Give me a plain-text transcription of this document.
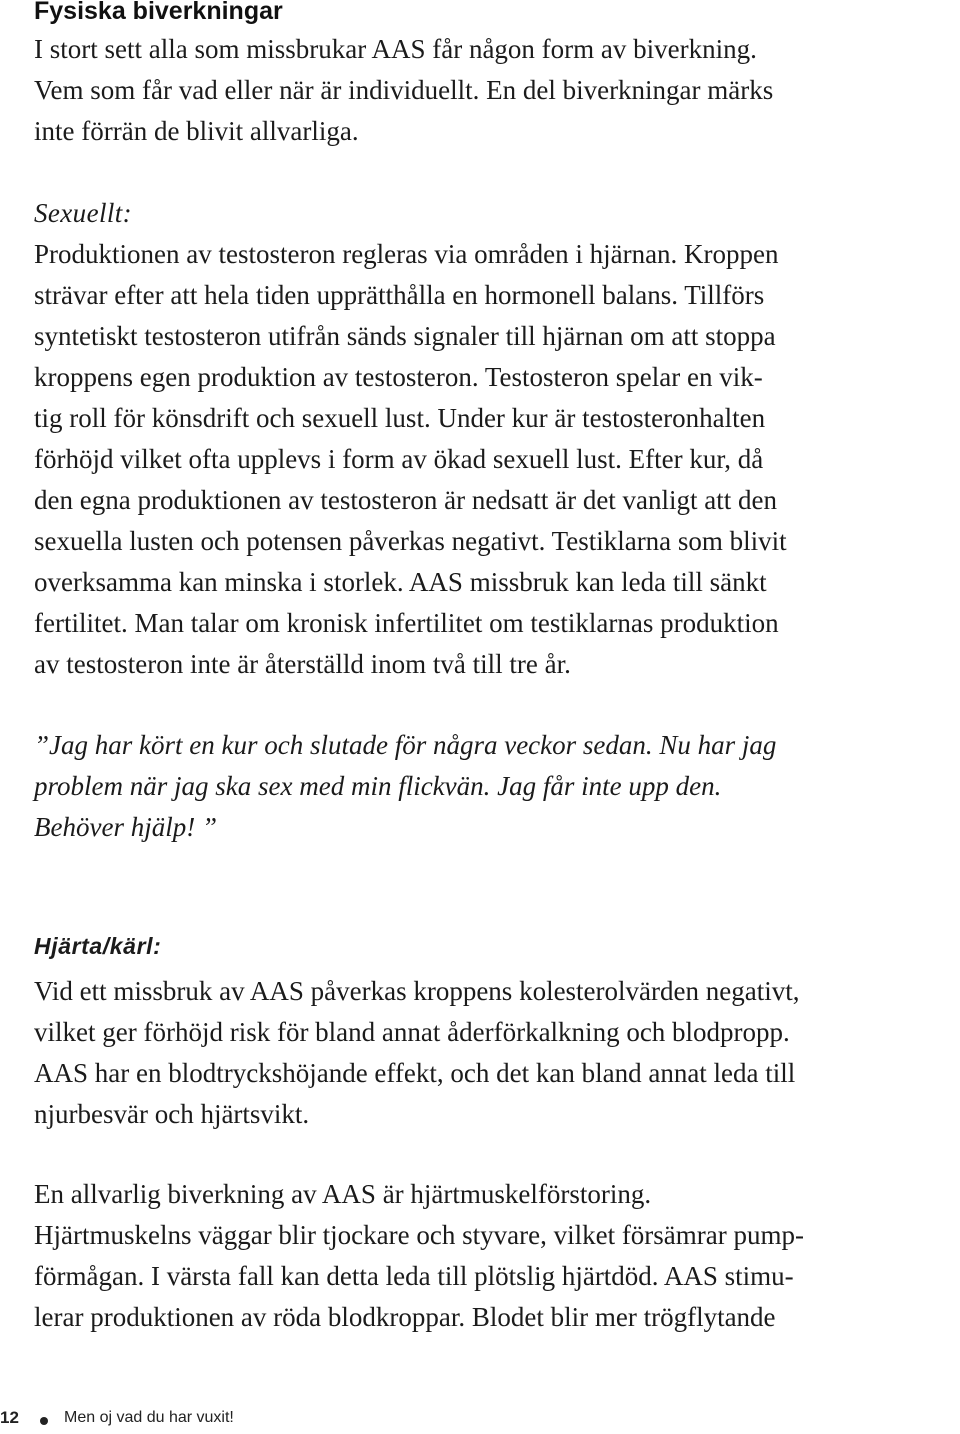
Fysiska biverkningar
I stort sett alla som missbrukar AAS får någon form av biverkning.
Vem som får vad eller när är individuellt. En del biverkningar märks
inte förrän de blivit allvarliga.
Sexuellt:
Produktionen av testosteron regleras via områden i hjärnan. Kroppen
strävar efter att hela tiden upprätthålla en hormonell balans. Tillförs
syntetiskt testosteron utifrån sänds signaler till hjärnan om att stoppa
kroppens egen produktion av testosteron. Testosteron spelar en vik-
tig roll för könsdrift och sexuell lust. Under kur är testosteronhalten
förhöjd vilket ofta upplevs i form av ökad sexuell lust. Efter kur, då
den egna produktionen av testosteron är nedsatt är det vanligt att den
sexuella lusten och potensen påverkas negativt. Testiklarna som blivit
overksamma kan minska i storlek. AAS missbruk kan leda till sänkt
fertilitet. Man talar om kronisk infertilitet om testiklarnas produktion
av testosteron inte är återställd inom två till tre år.
”Jag har kört en kur och slutade för några veckor sedan. Nu har jag
problem när jag ska sex med min flickvän. Jag får inte upp den.
Behöver hjälp! ”
Hjärta/kärl:
Vid ett missbruk av AAS påverkas kroppens kolesterolvärden negativt,
vilket ger förhöjd risk för bland annat åderförkalkning och blodpropp.
AAS har en blodtryckshöjande effekt, och det kan bland annat leda till
njurbesvär och hjärtsvikt.
En allvarlig biverkning av AAS är hjärtmuskelförstoring.
Hjärtmuskelns väggar blir tjockare och styvare, vilket försämrar pump-
förmågan. I värsta fall kan detta leda till plötslig hjärtdöd. AAS stimu-
lerar produktionen av röda blodkroppar. Blodet blir mer trögflytande
12	Men oj vad du har vuxit!
